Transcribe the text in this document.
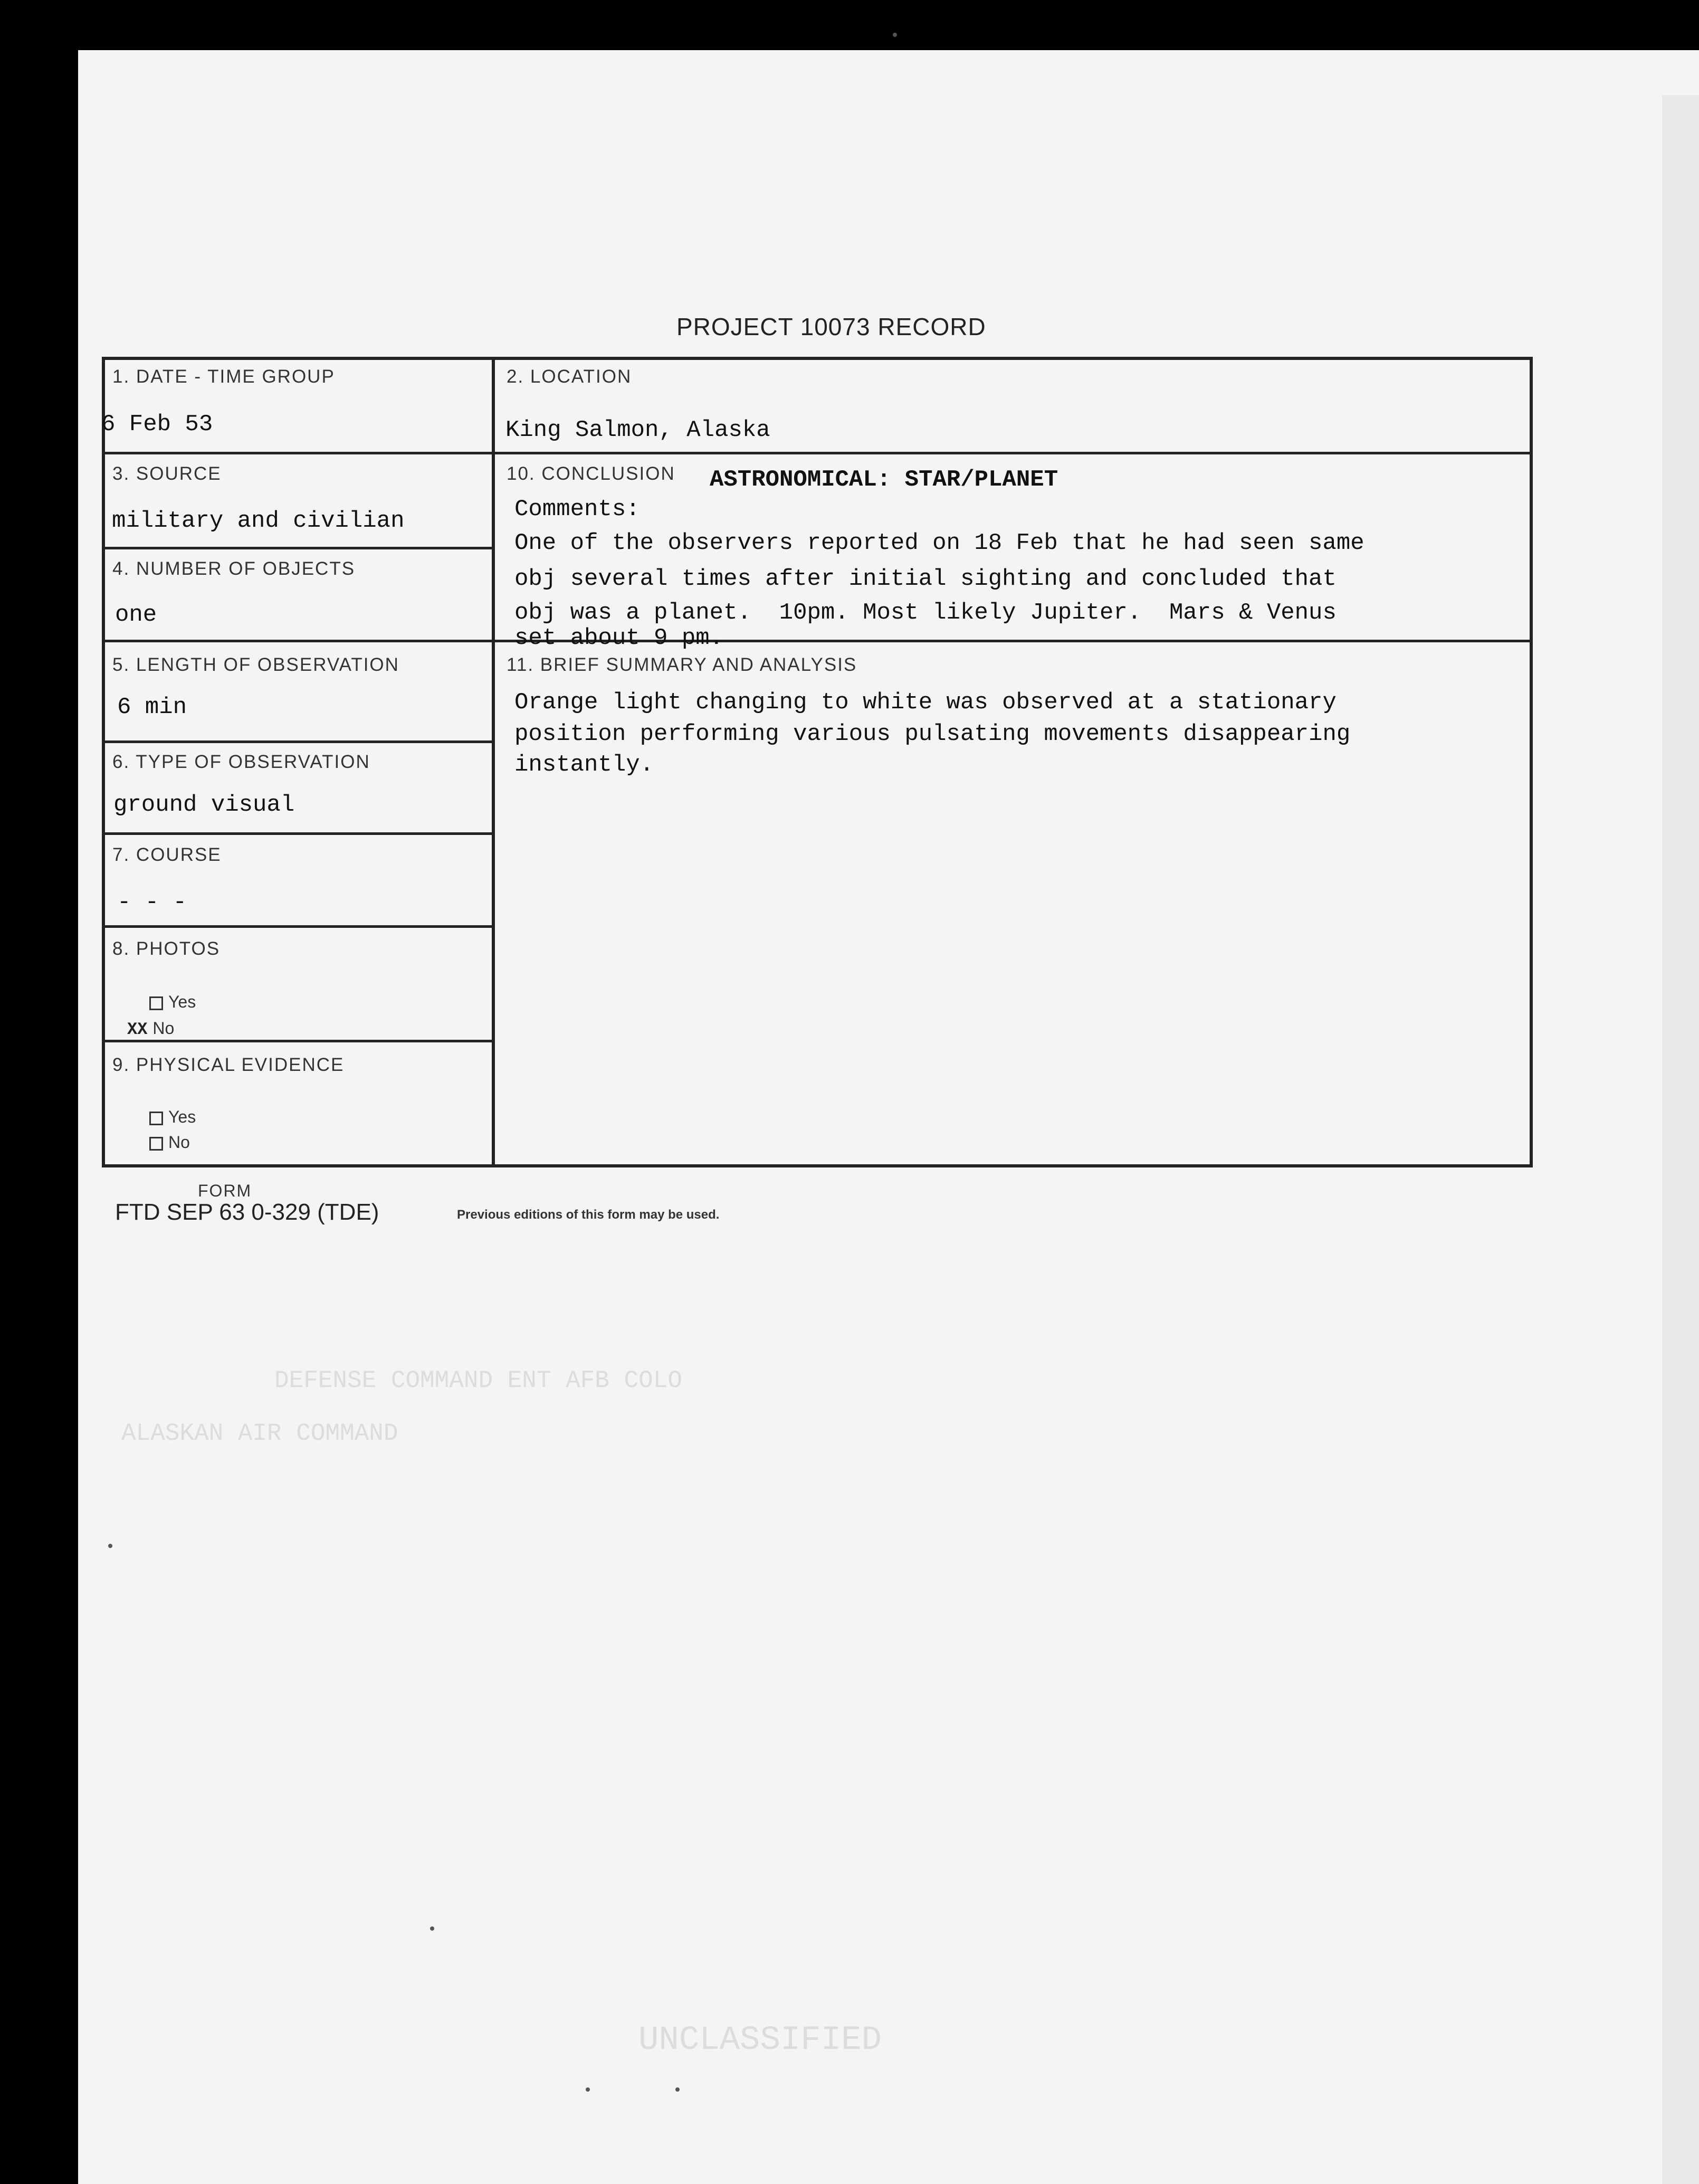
DEFENSE COMMAND ENT AFB COLO
ALASKAN AIR COMMAND
UNCLASSIFIED
PROJECT 10073 RECORD
1. DATE - TIME GROUP
6 Feb 53
2. LOCATION
King Salmon, Alaska
3. SOURCE
military and civilian
4. NUMBER OF OBJECTS
one
5. LENGTH OF OBSERVATION
6 min
6. TYPE OF OBSERVATION
ground visual
7. COURSE
- - -
8. PHOTOS
Yes
XX No
9. PHYSICAL EVIDENCE
Yes
No
10. CONCLUSION ASTRONOMICAL: STAR/PLANET
Comments:
One of the observers reported on 18 Feb that he had seen same
obj several times after initial sighting and concluded that
obj was a planet.  10pm. Most likely Jupiter.  Mars & Venus
set about 9 pm.
11. BRIEF SUMMARY AND ANALYSIS
Orange light changing to white was observed at a stationary
position performing various pulsating movements disappearing
instantly.
FORM
FTD SEP 63 0-329 (TDE)	Previous editions of this form may be used.
